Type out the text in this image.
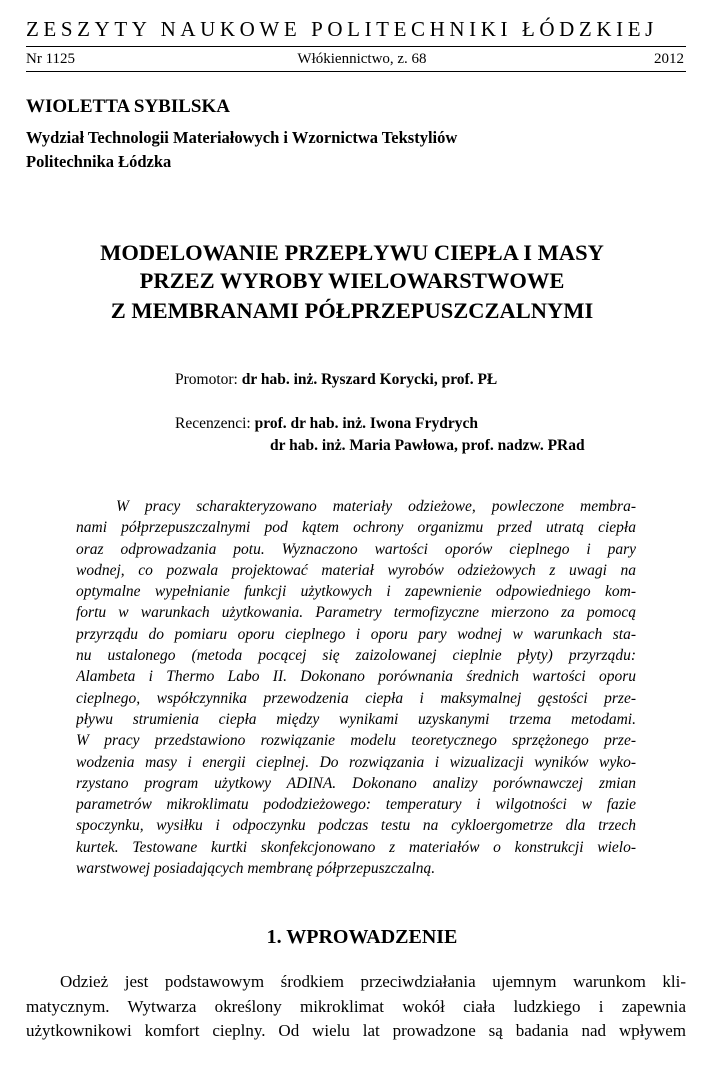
ZESZYTY NAUKOWE POLITECHNIKI ŁÓDZKIEJ
Nr 1125	Włókiennictwo, z. 68	2012
WIOLETTA SYBILSKA
Wydział Technologii Materiałowych i Wzornictwa Tekstyliów
Politechnika Łódzka
MODELOWANIE PRZEPŁYWU CIEPŁA I MASY
PRZEZ WYROBY WIELOWARSTWOWE
Z MEMBRANAMI PÓŁPRZEPUSZCZALNYMI
Promotor: dr hab. inż. Ryszard Korycki, prof. PŁ
Recenzenci: prof. dr hab. inż. Iwona Frydrych
dr hab. inż. Maria Pawłowa, prof. nadzw. PRad
W pracy scharakteryzowano materiały odzieżowe, powleczone membra-
nami półprzepuszczalnymi pod kątem ochrony organizmu przed utratą ciepła
oraz odprowadzania potu. Wyznaczono wartości oporów cieplnego i pary
wodnej, co pozwala projektować materiał wyrobów odzieżowych z uwagi na
optymalne wypełnianie funkcji użytkowych i zapewnienie odpowiedniego kom-
fortu w warunkach użytkowania. Parametry termofizyczne mierzono za pomocą
przyrządu do pomiaru oporu cieplnego i oporu pary wodnej w warunkach sta-
nu ustalonego (metoda pocącej się zaizolowanej cieplnie płyty) przyrządu:
Alambeta i Thermo Labo II. Dokonano porównania średnich wartości oporu
cieplnego, współczynnika przewodzenia ciepła i maksymalnej gęstości prze-
pływu strumienia ciepła między wynikami uzyskanymi trzema metodami.
W pracy przedstawiono rozwiązanie modelu teoretycznego sprzężonego prze-
wodzenia masy i energii cieplnej. Do rozwiązania i wizualizacji wyników wyko-
rzystano program użytkowy ADINA. Dokonano analizy porównawczej zmian
parametrów mikroklimatu pododzieżowego: temperatury i wilgotności w fazie
spoczynku, wysiłku i odpoczynku podczas testu na cykloergometrze dla trzech
kurtek. Testowane kurtki skonfekcjonowano z materiałów o konstrukcji wielo-
warstwowej posiadających membranę półprzepuszczalną.
1. WPROWADZENIE
Odzież jest podstawowym środkiem przeciwdziałania ujemnym warunkom kli-
matycznym. Wytwarza określony mikroklimat wokół ciała ludzkiego i zapewnia
użytkownikowi komfort cieplny. Od wielu lat prowadzone są badania nad wpływem
